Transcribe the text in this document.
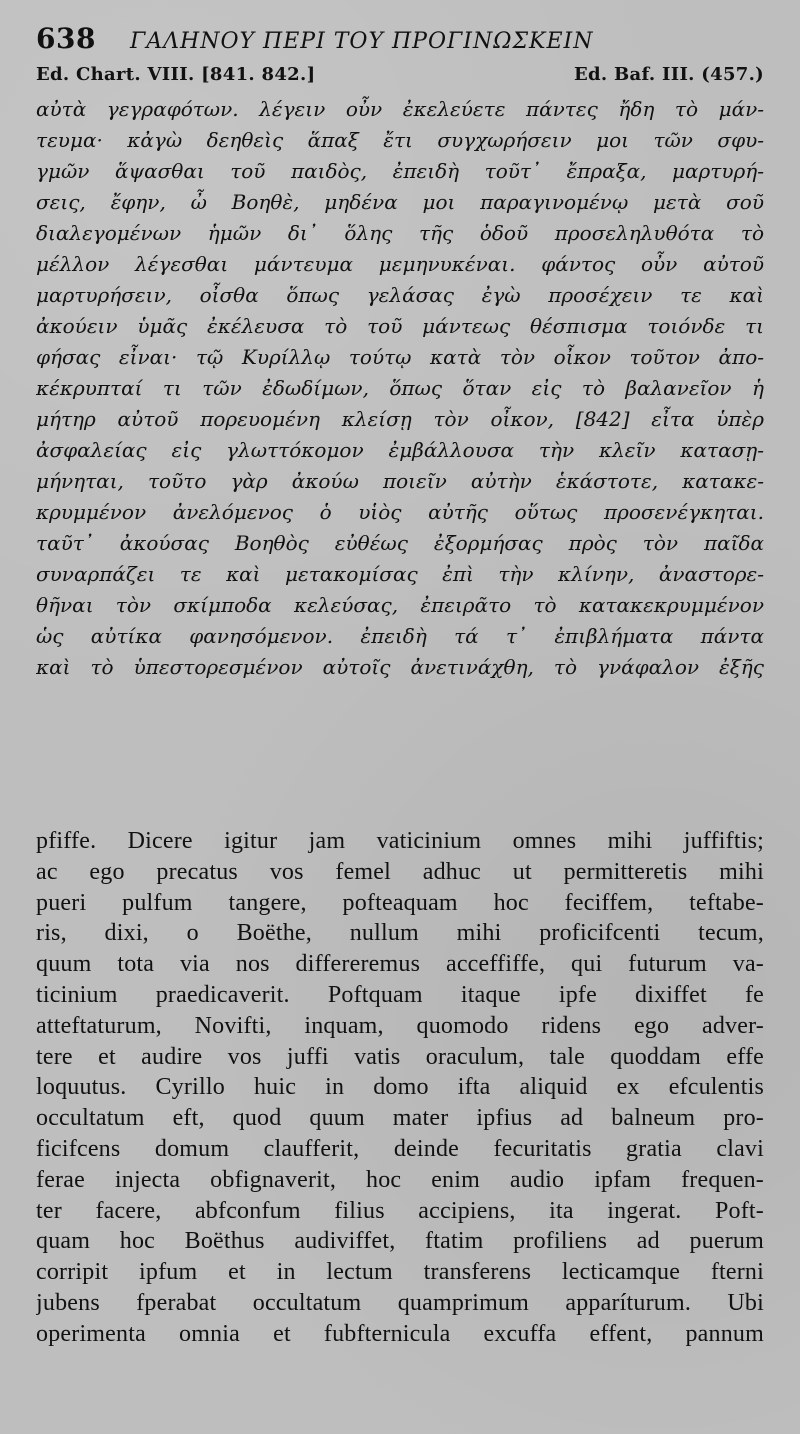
638	ΓΑΛΗΝΟΥ ΠΕΡΙ ΤΟΥ ΠΡΟΓΙΝΩΣΚΕΙΝ
Ed. Chart. VIII. [841. 842.]	Ed. Baf. III. (457.)
αὐτὰ γεγραφότων. λέγειν οὖν ἐκελεύετε πάντες ἤδη τὸ μάν-
τευμα· κἀγὼ δεηθεὶς ἅπαξ ἔτι συγχωρήσειν μοι τῶν σφυ-
γμῶν ἅψασθαι τοῦ παιδὸς, ἐπειδὴ τοῦτ᾽ ἔπραξα, μαρτυρή-
σεις, ἔφην, ὦ Βοηθὲ, μηδένα μοι παραγινομένῳ μετὰ σοῦ
διαλεγομένων ἡμῶν δι᾽ ὅλης τῆς ὁδοῦ προσεληλυθότα τὸ
μέλλον λέγεσθαι μάντευμα μεμηνυκέναι. φάντος οὖν αὐτοῦ
μαρτυρήσειν, οἶσθα ὅπως γελάσας ἐγὼ προσέχειν τε καὶ
ἀκούειν ὑμᾶς ἐκέλευσα τὸ τοῦ μάντεως θέσπισμα τοιόνδε τι
φήσας εἶναι· τῷ Κυρίλλῳ τούτῳ κατὰ τὸν οἶκον τοῦτον ἀπο-
κέκρυπταί τι τῶν ἐδωδίμων, ὅπως ὅταν εἰς τὸ βαλανεῖον ἡ
μήτηρ αὐτοῦ πορευομένη κλείσῃ τὸν οἶκον, [842] εἶτα ὑπὲρ
ἀσφαλείας εἰς γλωττόκομον ἐμβάλλουσα τὴν κλεῖν κατασῃ-
μήνηται, τοῦτο γὰρ ἀκούω ποιεῖν αὐτὴν ἑκάστοτε, κατακε-
κρυμμένον ἀνελόμενος ὁ υἱὸς αὐτῆς οὕτως προσενέγκηται.
ταῦτ᾽ ἀκούσας Βοηθὸς εὐθέως ἐξορμήσας πρὸς τὸν παῖδα
συναρπάζει τε καὶ μετακομίσας ἐπὶ τὴν κλίνην, ἀναστορε-
θῆναι τὸν σκίμποδα κελεύσας, ἐπειρᾶτο τὸ κατακεκρυμμένον
ὡς αὐτίκα φανησόμενον. ἐπειδὴ τά τ᾽ ἐπιβλήματα πάντα
καὶ τὸ ὑπεστορεσμένον αὐτοῖς ἀνετινάχθη, τὸ γνάφαλον ἐξῆς
pfiffe. Dicere igitur jam vaticinium omnes mihi juffiftis;
ac ego precatus vos femel adhuc ut permitteretis mihi
pueri pulfum tangere, pofteaquam hoc feciffem, teftabe-
ris, dixi, o Boëthe, nullum mihi proficifcenti tecum,
quum tota via nos differeremus acceffiffe, qui futurum va-
ticinium praedicaverit. Poftquam itaque ipfe dixiffet fe
atteftaturum, Novifti, inquam, quomodo ridens ego adver-
tere et audire vos juffi vatis oraculum, tale quoddam effe
loquutus. Cyrillo huic in domo ifta aliquid ex efculentis
occultatum eft, quod quum mater ipfius ad balneum pro-
ficifcens domum claufferit, deinde fecuritatis gratia clavi
ferae injecta obfignaverit, hoc enim audio ipfam frequen-
ter facere, abfconfum filius accipiens, ita ingerat. Poft-
quam hoc Boëthus audiviffet, ftatim profiliens ad puerum
corripit ipfum et in lectum transferens lecticamque fterni
jubens fperabat occultatum quamprimum apparíturum. Ubi
operimenta omnia et fubfternicula excuffa effent, pannum
